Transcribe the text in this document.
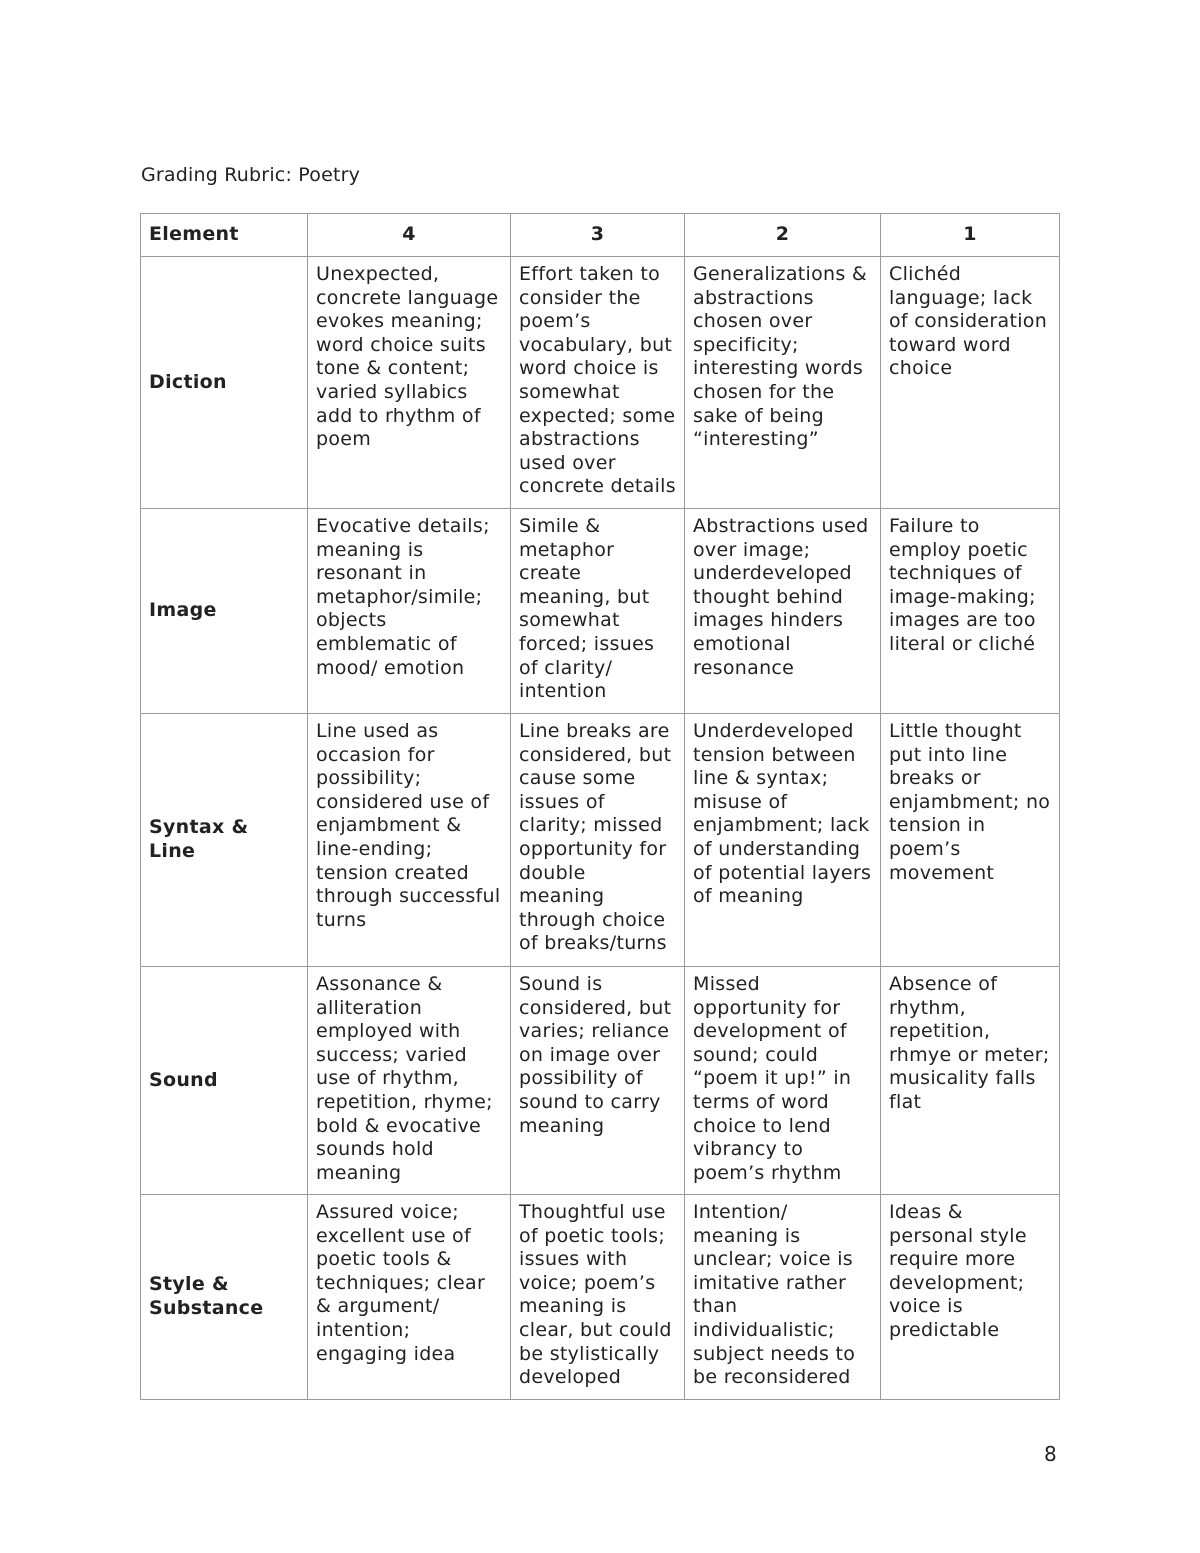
Grading Rubric: Poetry
Element	4	3	2	1
Diction	Unexpected, concrete language evokes meaning; word choice suits tone & content; varied syllabics add to rhythm of poem	Effort taken to consider the poem’s vocabulary, but word choice is somewhat expected; some abstractions used over concrete details	Generalizations & abstractions chosen over specificity; interesting words chosen for the sake of being “interesting”	Clichéd language; lack of consideration toward word choice
Image	Evocative details; meaning is resonant in metaphor/simile; objects emblematic of mood/ emotion	Simile & metaphor create meaning, but somewhat forced; issues of clarity/ intention	Abstractions used over image; underdeveloped thought behind images hinders emotional resonance	Failure to employ poetic techniques of image-making; images are too literal or cliché
Syntax & Line	Line used as occasion for possibility; considered use of enjambment & line-ending; tension created through successful turns	Line breaks are considered, but cause some issues of clarity; missed opportunity for double meaning through choice of breaks/turns	Underdeveloped tension between line & syntax; misuse of enjambment; lack of understanding of potential layers of meaning	Little thought put into line breaks or enjambment; no tension in poem’s movement
Sound	Assonance & alliteration employed with success; varied use of rhythm, repetition, rhyme; bold & evocative sounds hold meaning	Sound is considered, but varies; reliance on image over possibility of sound to carry meaning	Missed opportunity for development of sound; could “poem it up!” in terms of word choice to lend vibrancy to poem’s rhythm	Absence of rhythm, repetition, rhmye or meter; musicality falls flat
Style & Substance	Assured voice; excellent use of poetic tools & techniques; clear & argument/ intention; engaging idea	Thoughtful use of poetic tools; issues with voice; poem’s meaning is clear, but could be stylistically developed	Intention/ meaning is unclear; voice is imitative rather than individualistic; subject needs to be reconsidered	Ideas & personal style require more development; voice is predictable
8
